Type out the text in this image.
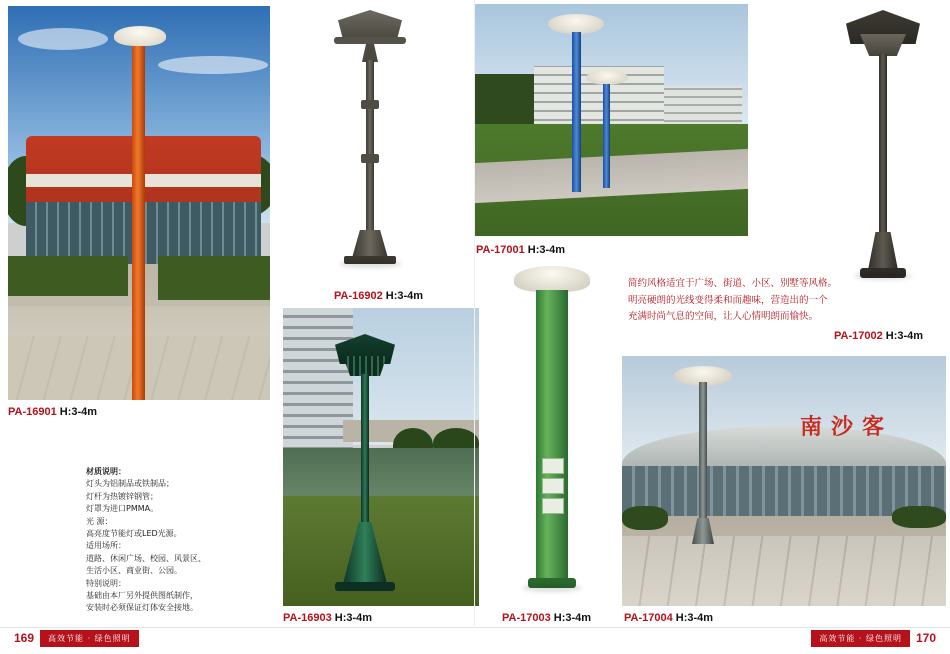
PA-16901 H:3-4m
PA-16902 H:3-4m
PA-17001 H:3-4m
PA-17002 H:3-4m
PA-16903 H:3-4m	PA-17003 H:3-4m
南沙客
PA-17004 H:3-4m
材质说明：
灯头为铝制品或铁制品；
灯杆为热镀锌钢管；
灯罩为进口PMMA。
光 源：
高亮度节能灯或LED光源。
适用场所：
道路、休闲广场、校园、风景区、
生活小区、商业街、公园。
特别说明：
基础由本厂另外提供图纸制作，
安装时必须保证灯体安全接地。
简约风格适宜于广场、街道、小区、别墅等风格。
明亮硬朗的光线变得柔和而趣味，营造出的一个
充满时尚气息的空间，让人心情明朗而愉快。
169	高效节能 · 绿色照明	高效节能 · 绿色照明	170
